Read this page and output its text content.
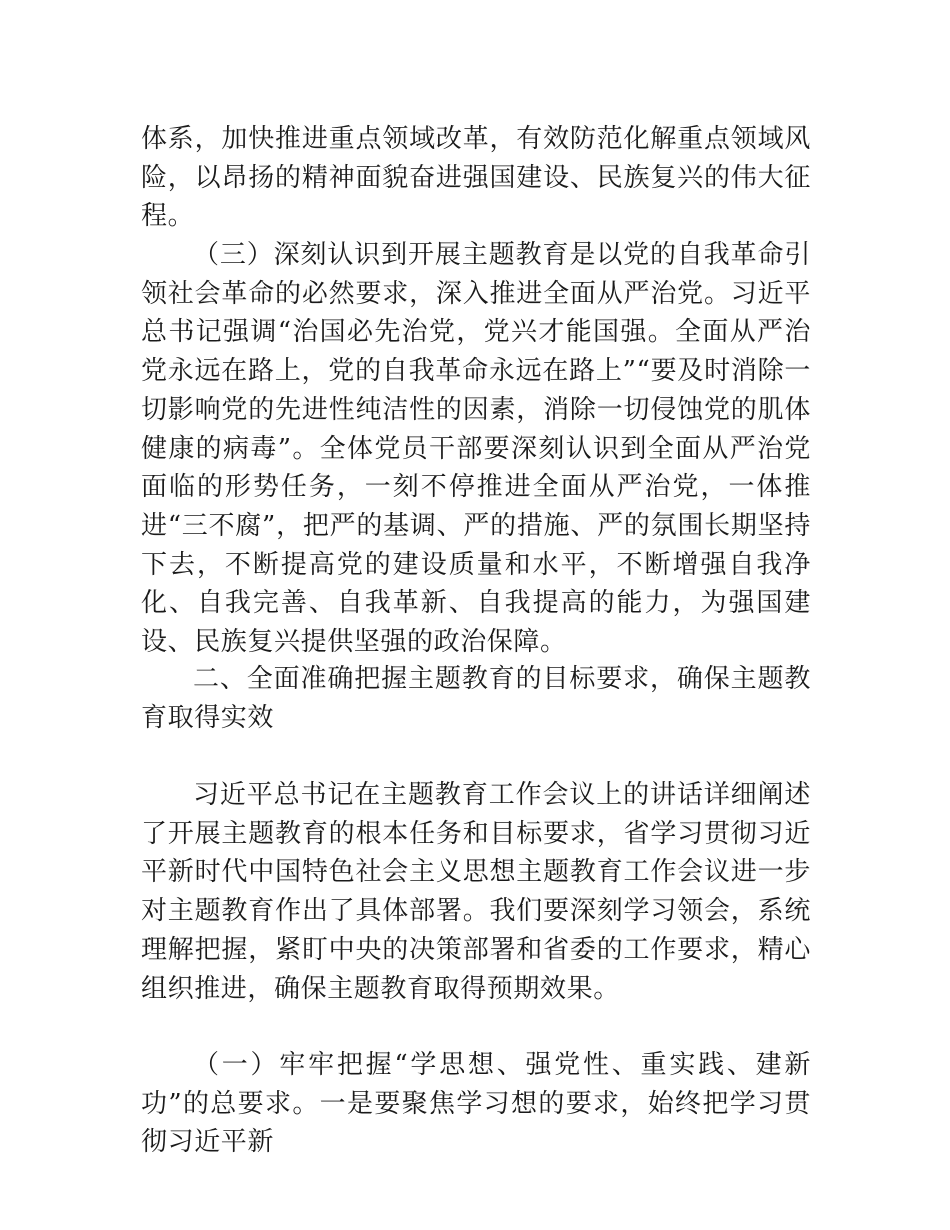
体系，加快推进重点领域改革，有效防范化解重点领域风险，以昂扬的精神面貌奋进强国建设、民族复兴的伟大征程。

（三）深刻认识到开展主题教育是以党的自我革命引领社会革命的必然要求，深入推进全面从严治党。习近平总书记强调“治国必先治党，党兴才能国强。全面从严治党永远在路上，党的自我革命永远在路上”“要及时消除一切影响党的先进性纯洁性的因素，消除一切侵蚀党的肌体健康的病毒”。全体党员干部要深刻认识到全面从严治党面临的形势任务，一刻不停推进全面从严治党，一体推进“三不腐”，把严的基调、严的措施、严的氛围长期坚持下去，不断提高党的建设质量和水平，不断增强自我净化、自我完善、自我革新、自我提高的能力，为强国建设、民族复兴提供坚强的政治保障。

二、全面准确把握主题教育的目标要求，确保主题教育取得实效

习近平总书记在主题教育工作会议上的讲话详细阐述了开展主题教育的根本任务和目标要求，省学习贯彻习近平新时代中国特色社会主义思想主题教育工作会议进一步对主题教育作出了具体部署。我们要深刻学习领会，系统理解把握，紧盯中央的决策部署和省委的工作要求，精心组织推进，确保主题教育取得预期效果。

（一）牢牢把握“学思想、强党性、重实践、建新功”的总要求。一是要聚焦学习想的要求，始终把学习贯彻习近平新
